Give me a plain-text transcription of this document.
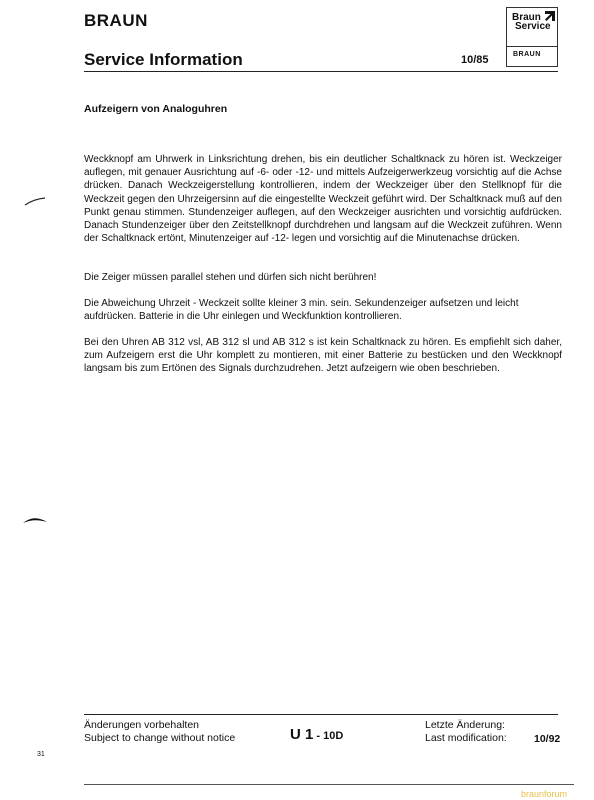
BRAUN
Service Information	10/85
Braun
Service
BRAUN
Aufzeigern von Analoguhren
Weckknopf am Uhrwerk in Linksrichtung drehen, bis ein deutlicher Schaltknack zu hören ist. Weckzeiger auflegen, mit genauer Ausrichtung auf -6- oder -12- und mittels Aufzeigerwerkzeug vorsichtig auf die Achse drücken. Danach Weckzeigerstellung kontrollieren, indem der Weckzeiger über den Stellknopf für die Weckzeit gegen den Uhrzeigersinn auf die eingestellte Weckzeit geführt wird. Der Schaltknack muß auf den Punkt genau stimmen. Stundenzeiger auflegen, auf den Weckzeiger ausrichten und vorsichtig aufdrücken. Danach Stundenzeiger über den Zeitstellknopf durchdrehen und langsam auf die Weckzeit zuführen. Wenn der Schaltknack ertönt, Minutenzeiger auf -12- legen und vorsichtig auf die Minutenachse drücken.
Die Zeiger müssen parallel stehen und dürfen sich nicht berühren!
Die Abweichung Uhrzeit - Weckzeit sollte kleiner 3 min. sein. Sekundenzeiger aufsetzen und leicht aufdrücken. Batterie in die Uhr einlegen und Weckfunktion kontrollieren.
Bei den Uhren AB 312 vsl, AB 312 sl und AB 312 s ist kein Schaltknack zu hören. Es empfiehlt sich daher, zum Aufzeigern erst die Uhr komplett zu montieren, mit einer Batterie zu bestücken und den Weckknopf langsam bis zum Ertönen des Signals durchzudrehen. Jetzt aufzeigern wie oben beschrieben.
Änderungen vorbehalten
Subject to change without notice	U 1 - 10D
Letzte Änderung:
Last modification:	10/92
31
braunforum
